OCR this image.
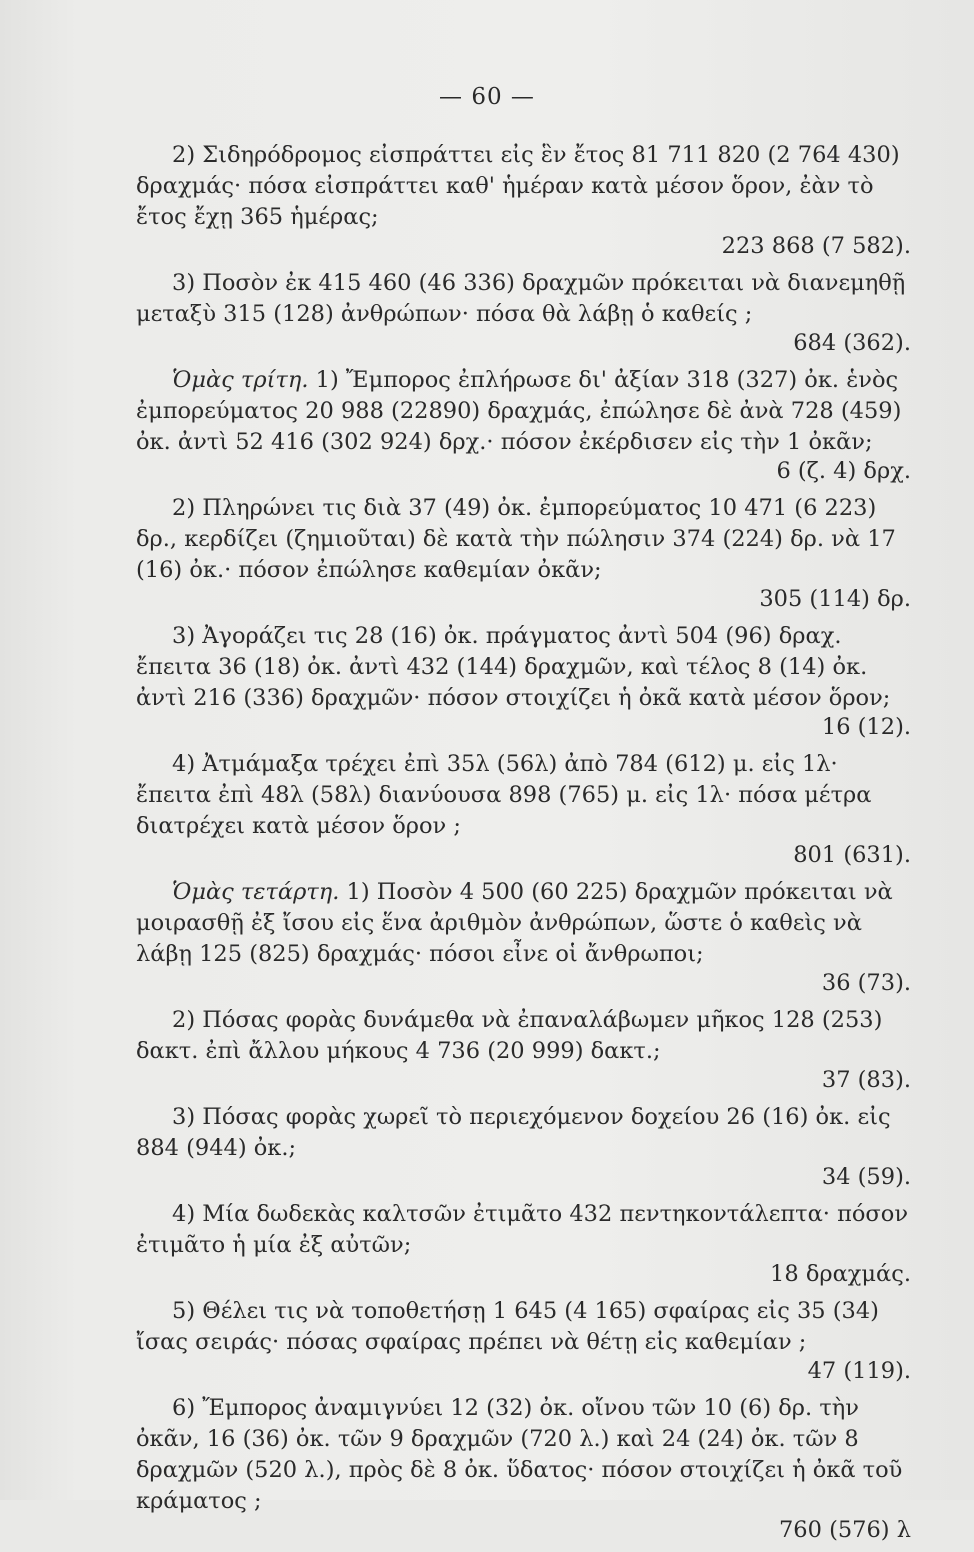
— 60 —
2) Σιδηρόδρομος εἰσπράττει εἰς ἓν ἔτος 81 711 820 (2 764 430) δραχμάς· πόσα εἰσπράττει καθ' ἡμέραν κατὰ μέσον ὅρον, ἐὰν τὸ ἔτος ἔχῃ 365 ἡμέρας;
223 868 (7 582).
3) Ποσὸν ἐκ 415 460 (46 336) δραχμῶν πρόκειται νὰ διανεμηθῇ μεταξὺ 315 (128) ἀνθρώπων· πόσα θὰ λάβῃ ὁ καθείς ;
684 (362).
Ὁμὰς τρίτη. 1) Ἔμπορος ἐπλήρωσε δι' ἀξίαν 318 (327) ὀκ. ἑνὸς ἐμπορεύματος 20 988 (22890) δραχμάς, ἐπώλησε δὲ ἀνὰ 728 (459) ὀκ. ἀντὶ 52 416 (302 924) δρχ.· πόσον ἐκέρδισεν εἰς τὴν 1 ὀκᾶν;
6 (ζ. 4) δρχ.
2) Πληρώνει τις διὰ 37 (49) ὀκ. ἐμπορεύματος 10 471 (6 223) δρ., κερδίζει (ζημιοῦται) δὲ κατὰ τὴν πώλησιν 374 (224) δρ. νὰ 17 (16) ὀκ.· πόσον ἐπώλησε καθεμίαν ὀκᾶν;
305 (114) δρ.
3) Ἀγοράζει τις 28 (16) ὀκ. πράγματος ἀντὶ 504 (96) δραχ. ἔπειτα 36 (18) ὀκ. ἀντὶ 432 (144) δραχμῶν, καὶ τέλος 8 (14) ὀκ. ἀντὶ 216 (336) δραχμῶν· πόσον στοιχίζει ἡ ὀκᾶ κατὰ μέσον ὅρον;
16 (12).
4) Ἀτμάμαξα τρέχει ἐπὶ 35λ (56λ) ἀπὸ 784 (612) μ. εἰς 1λ· ἔπειτα ἐπὶ 48λ (58λ) διανύουσα 898 (765) μ. εἰς 1λ· πόσα μέτρα διατρέχει κατὰ μέσον ὅρον ;
801 (631).
Ὁμὰς τετάρτη. 1) Ποσὸν 4 500 (60 225) δραχμῶν πρόκειται νὰ μοιρασθῇ ἐξ ἴσου εἰς ἕνα ἀριθμὸν ἀνθρώπων, ὥστε ὁ καθεὶς νὰ λάβῃ 125 (825) δραχμάς· πόσοι εἶνε οἱ ἄνθρωποι;
36 (73).
2) Πόσας φορὰς δυνάμεθα νὰ ἐπαναλάβωμεν μῆκος 128 (253) δακτ. ἐπὶ ἄλλου μήκους 4 736 (20 999) δακτ.;
37 (83).
3) Πόσας φορὰς χωρεῖ τὸ περιεχόμενον δοχείου 26 (16) ὀκ. εἰς 884 (944) ὀκ.;
34 (59).
4) Μία δωδεκὰς καλτσῶν ἐτιμᾶτο 432 πεντηκοντάλεπτα· πόσον ἐτιμᾶτο ἡ μία ἐξ αὐτῶν;
18 δραχμάς.
5) Θέλει τις νὰ τοποθετήσῃ 1 645 (4 165) σφαίρας εἰς 35 (34) ἴσας σειράς· πόσας σφαίρας πρέπει νὰ θέτῃ εἰς καθεμίαν ;
47 (119).
6) Ἔμπορος ἀναμιγνύει 12 (32) ὀκ. οἴνου τῶν 10 (6) δρ. τὴν ὀκᾶν, 16 (36) ὀκ. τῶν 9 δραχμῶν (720 λ.) καὶ 24 (24) ὀκ. τῶν 8 δραχμῶν (520 λ.), πρὸς δὲ 8 ὀκ. ὕδατος· πόσον στοιχίζει ἡ ὀκᾶ τοῦ κράματος ;
760 (576) λ
